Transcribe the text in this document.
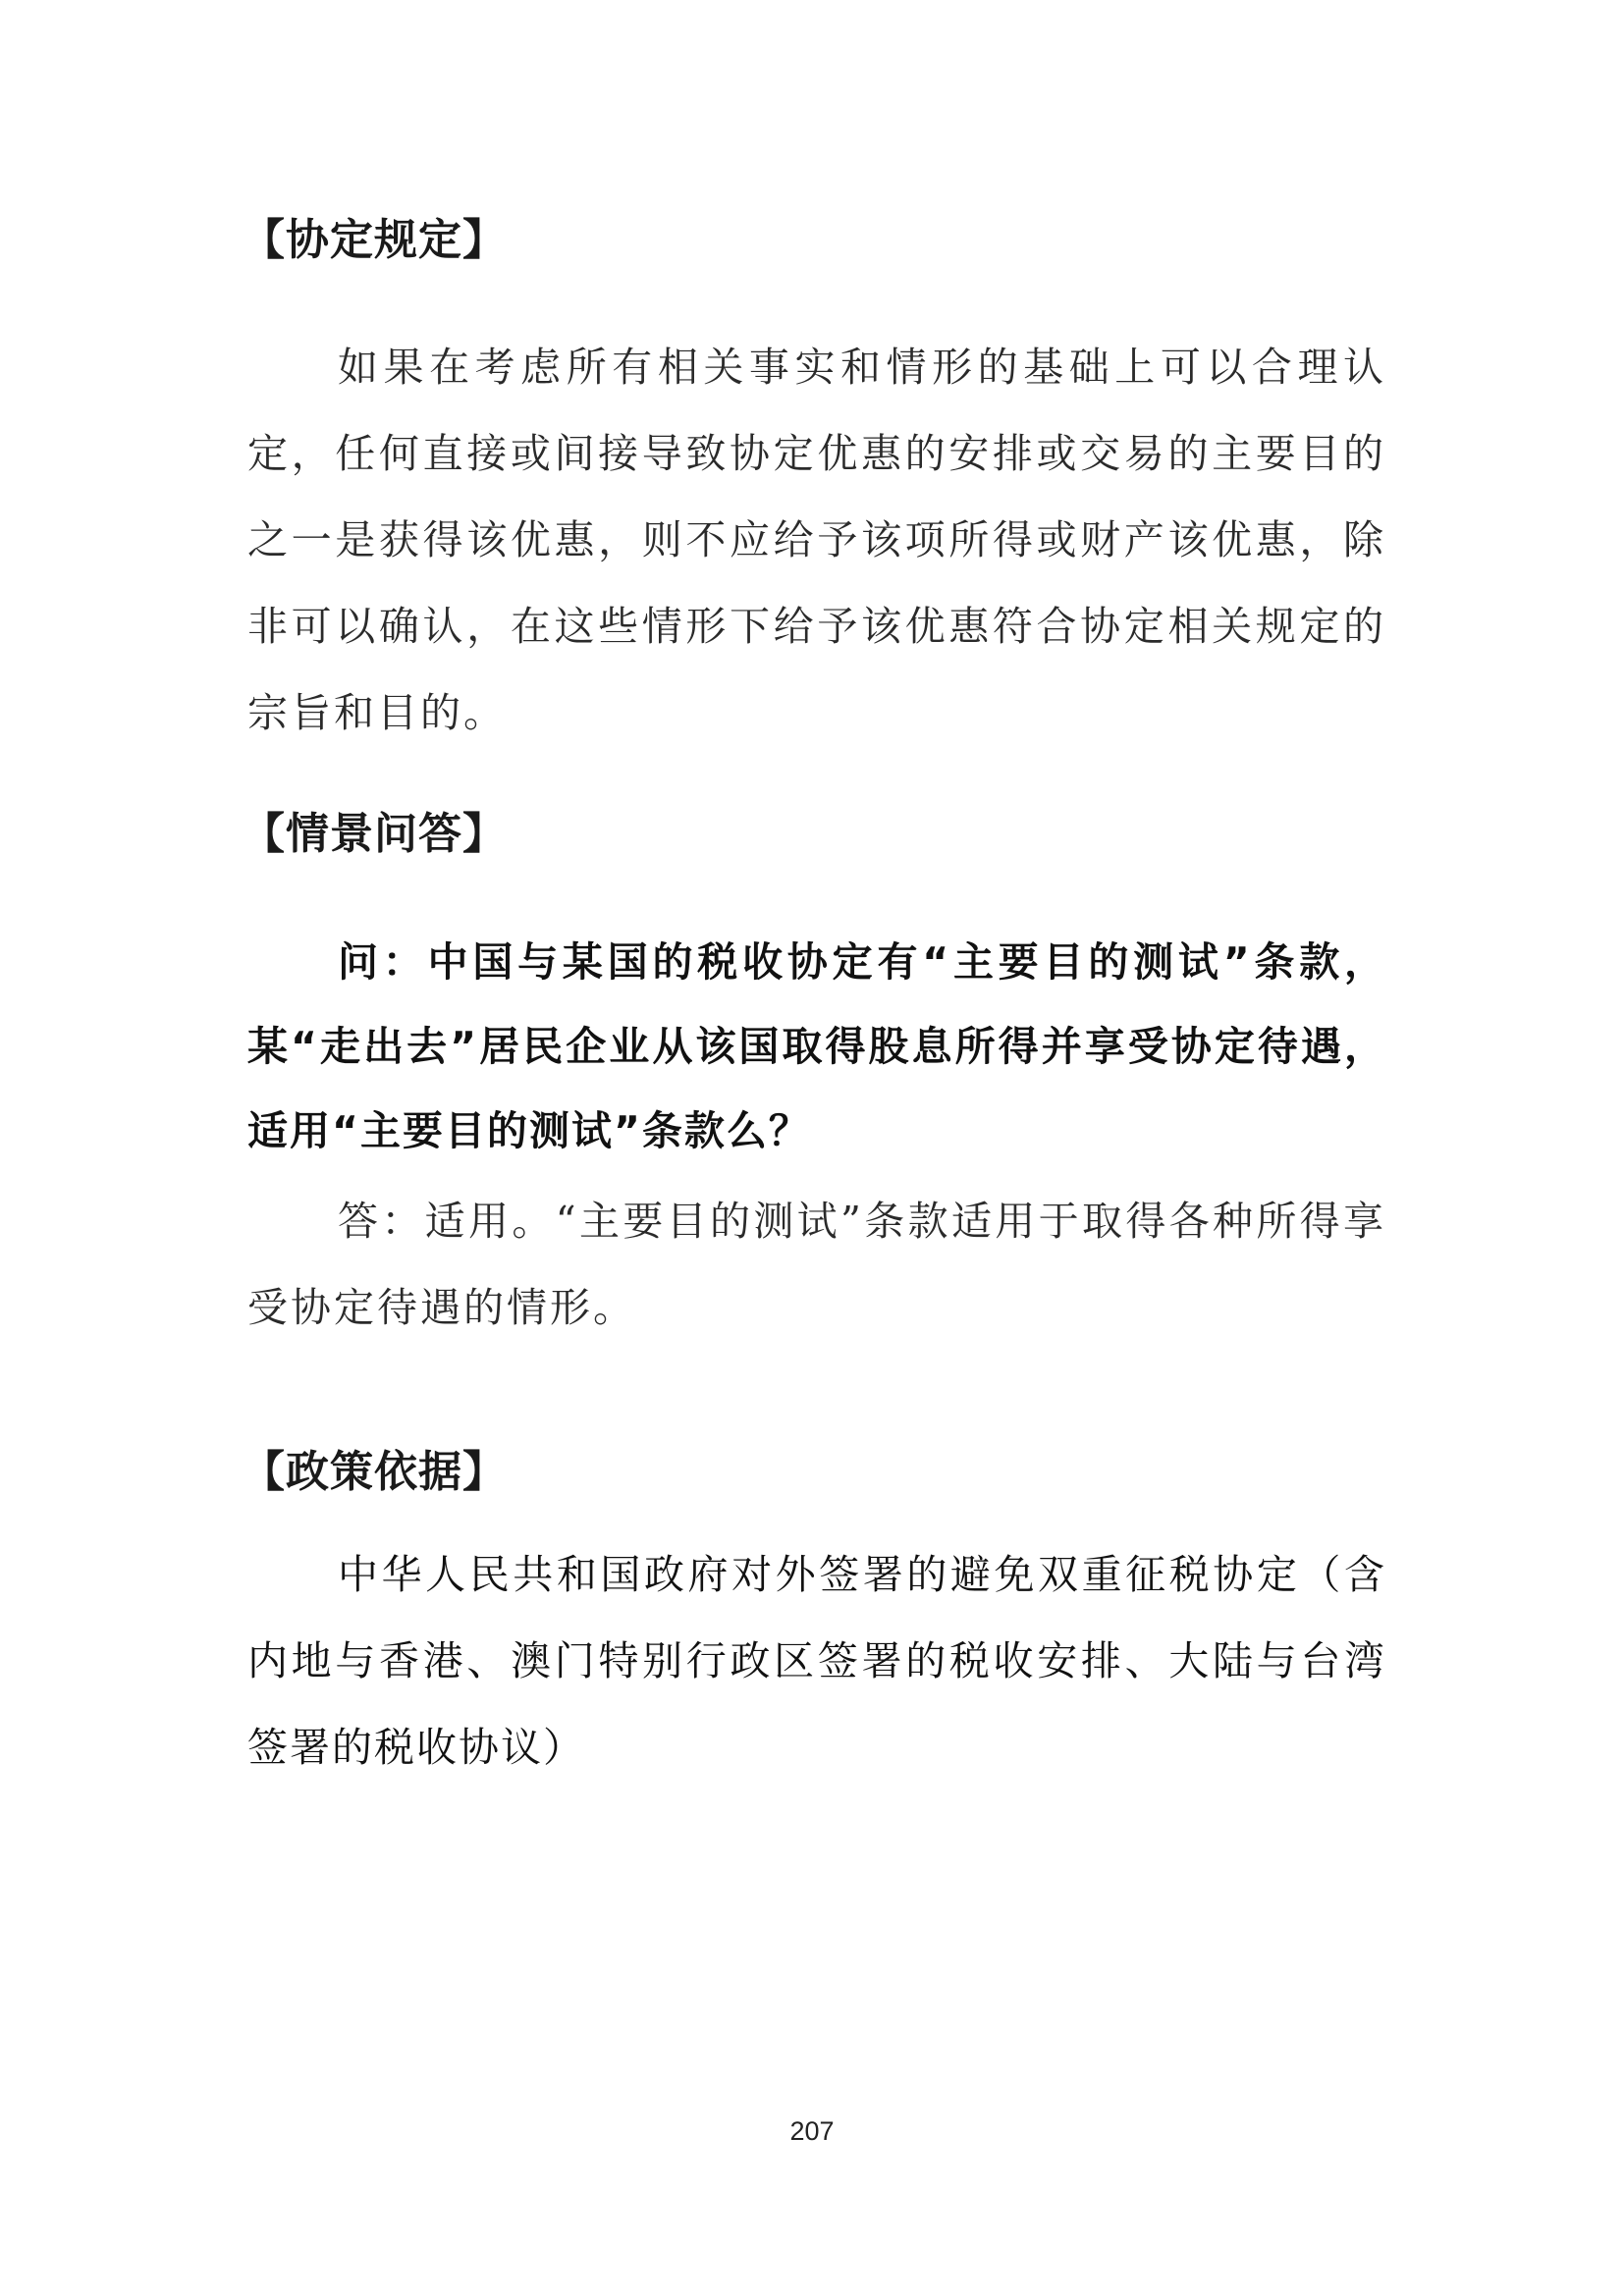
【协定规定】
如果在考虑所有相关事实和情形的基础上可以合理认定，任何直接或间接导致协定优惠的安排或交易的主要目的之一是获得该优惠，则不应给予该项所得或财产该优惠，除非可以确认，在这些情形下给予该优惠符合协定相关规定的宗旨和目的。
【情景问答】
问：中国与某国的税收协定有“主要目的测试”条款，某“走出去”居民企业从该国取得股息所得并享受协定待遇，适用“主要目的测试”条款么？
答：适用。“主要目的测试”条款适用于取得各种所得享受协定待遇的情形。
【政策依据】
中华人民共和国政府对外签署的避免双重征税协定（含内地与香港、澳门特别行政区签署的税收安排、大陆与台湾签署的税收协议）
207
